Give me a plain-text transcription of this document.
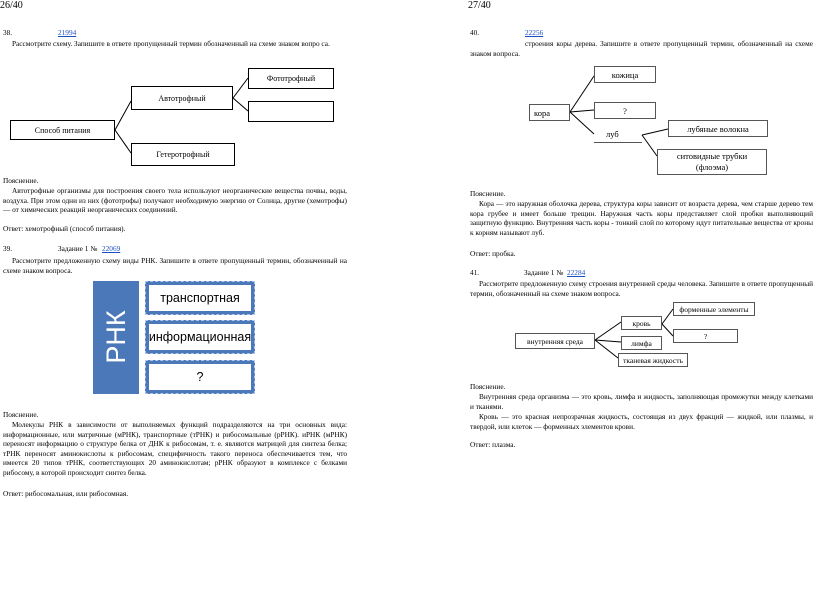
26/40
38.	21994
Рассмотрите схему. Запишите в ответе пропущенный термин обозначенный на схеме знаком вопро са.
Способ питания
Автотрофный
Гетеротрофный
Фототрофный
Пояснение.
Автотрофные организмы для построения своего тела используют неорганические вещества почвы, воды, воздуха. При этом одни из них (фототрофы) получают необходимую энергию от Солнца, другие (хемотрофы) — от химических реакций неорганических соединений.
Ответ: хемотрофный (способ питания).
39.	Задание 1 № 22069
Рассмотрите предложенную схему виды РНК. Запишите в ответе пропущенный термин, обозначенный на схеме знаком вопроса.
РНК
транспортная
информационная
?
Пояснение.
Молекулы РНК в зависимости от выполняемых функций подразделяются на три основных вида: информационные, или матричные (мРНК), транспортные (тРНК) и рибосомальные (рРНК). иРНК (мРНК) переносят информацию о структуре белка от ДНК к рибосомам, т. е. являются матрицей для синтеза белка; тРНК переносят аминокислоты к рибосомам, специфичность такого переноса обеспечивается тем, что имеется 20 типов тРНК, соответствующих 20 аминокислотам; рРНК образуют в комплексе с белками рибосому, в которой происходит синтез белка.
Ответ: рибосомальная, или рибосомная.
27/40
40.	22256
строения коры дерева. Запишите в ответе пропущенный термин, обозначенный на схеме знаком вопроса.
кора
кожица
?
луб
лубяные волокна
ситовидные трубки
(флоэма)
Пояснение.
Кора — это наружная оболочка дерева, структура коры зависит от возраста дерева, чем старше дерево тем кора грубее и имеет больше трещин. Наружная часть коры представляет слой пробки выполняющий защитную функцию. Внутренняя часть коры - тонкий слой по которому идут питательные вещества от кроны к корням называют луб.
Ответ: пробка.
41.	Задание 1 № 22284
Рассмотрите предложенную схему строения внутренней среды человека. Запишите в ответе пропущенный термин, обозначенный на схеме знаком вопроса.
внутренняя среда
кровь
лимфа
тканевая жидкость
форменные элементы
?
Пояснение.
Внутренняя среда организма — это кровь, лимфа и жидкость, заполняющая промежутки между клетками и тканями.
Кровь — это красная непрозрачная жидкость, состоящая из двух фракций — жидкой, или плазмы, и твердой, или клеток — форменных элементов крови.
Ответ: плазма.
